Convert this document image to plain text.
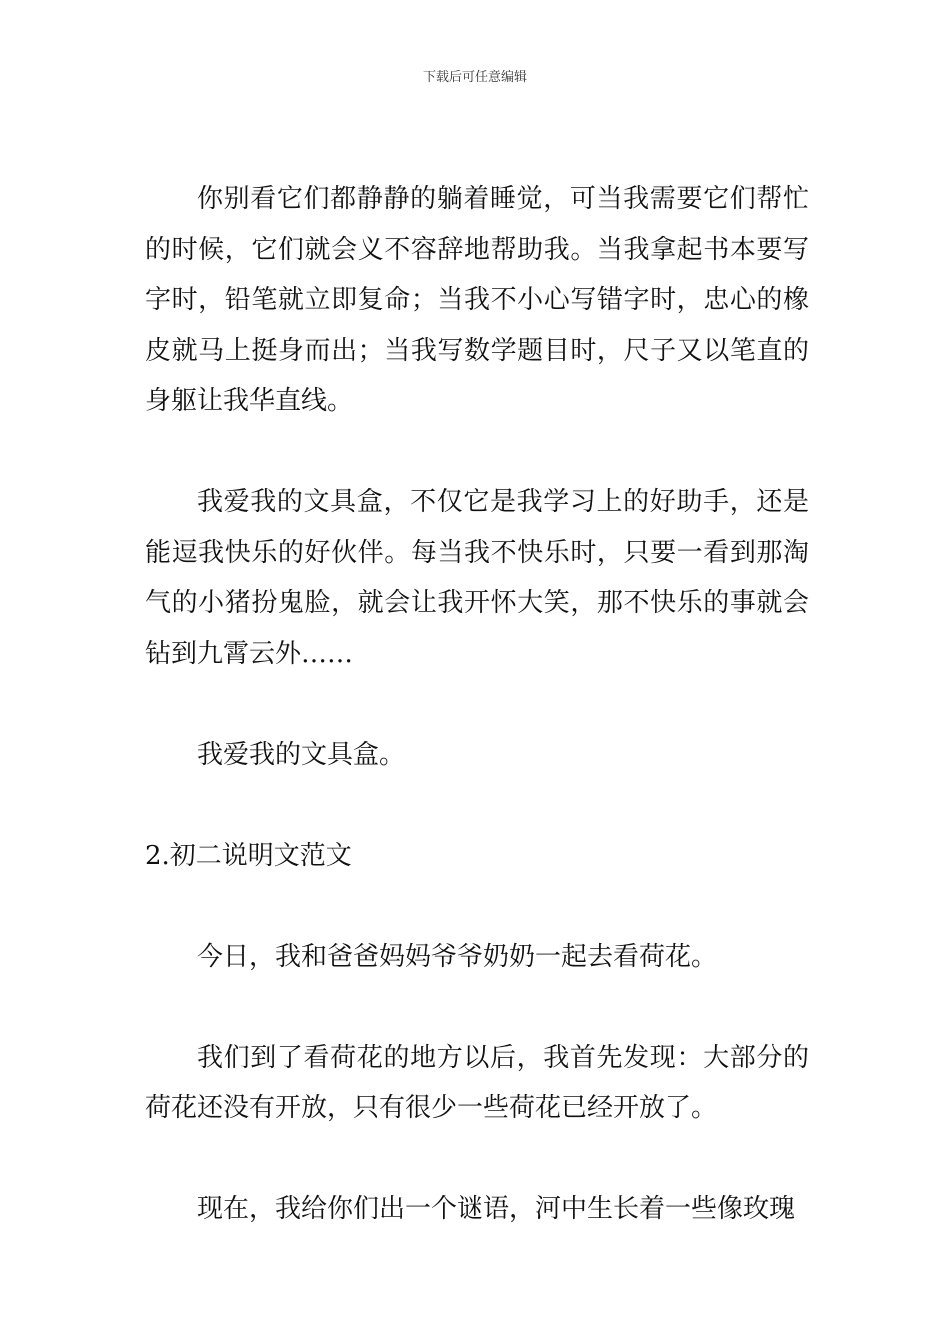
下载后可任意编辑

你别看它们都静静的躺着睡觉，可当我需要它们帮忙的时候，它们就会义不容辞地帮助我。当我拿起书本要写字时，铅笔就立即复命；当我不小心写错字时，忠心的橡皮就马上挺身而出；当我写数学题目时，尺子又以笔直的身躯让我华直线。

我爱我的文具盒，不仅它是我学习上的好助手，还是能逗我快乐的好伙伴。每当我不快乐时，只要一看到那淘气的小猪扮鬼脸，就会让我开怀大笑，那不快乐的事就会钻到九霄云外……

我爱我的文具盒。

2.初二说明文范文

今日，我和爸爸妈妈爷爷奶奶一起去看荷花。

我们到了看荷花的地方以后，我首先发现：大部分的荷花还没有开放，只有很少一些荷花已经开放了。

现在，我给你们出一个谜语，河中生长着一些像玫瑰
